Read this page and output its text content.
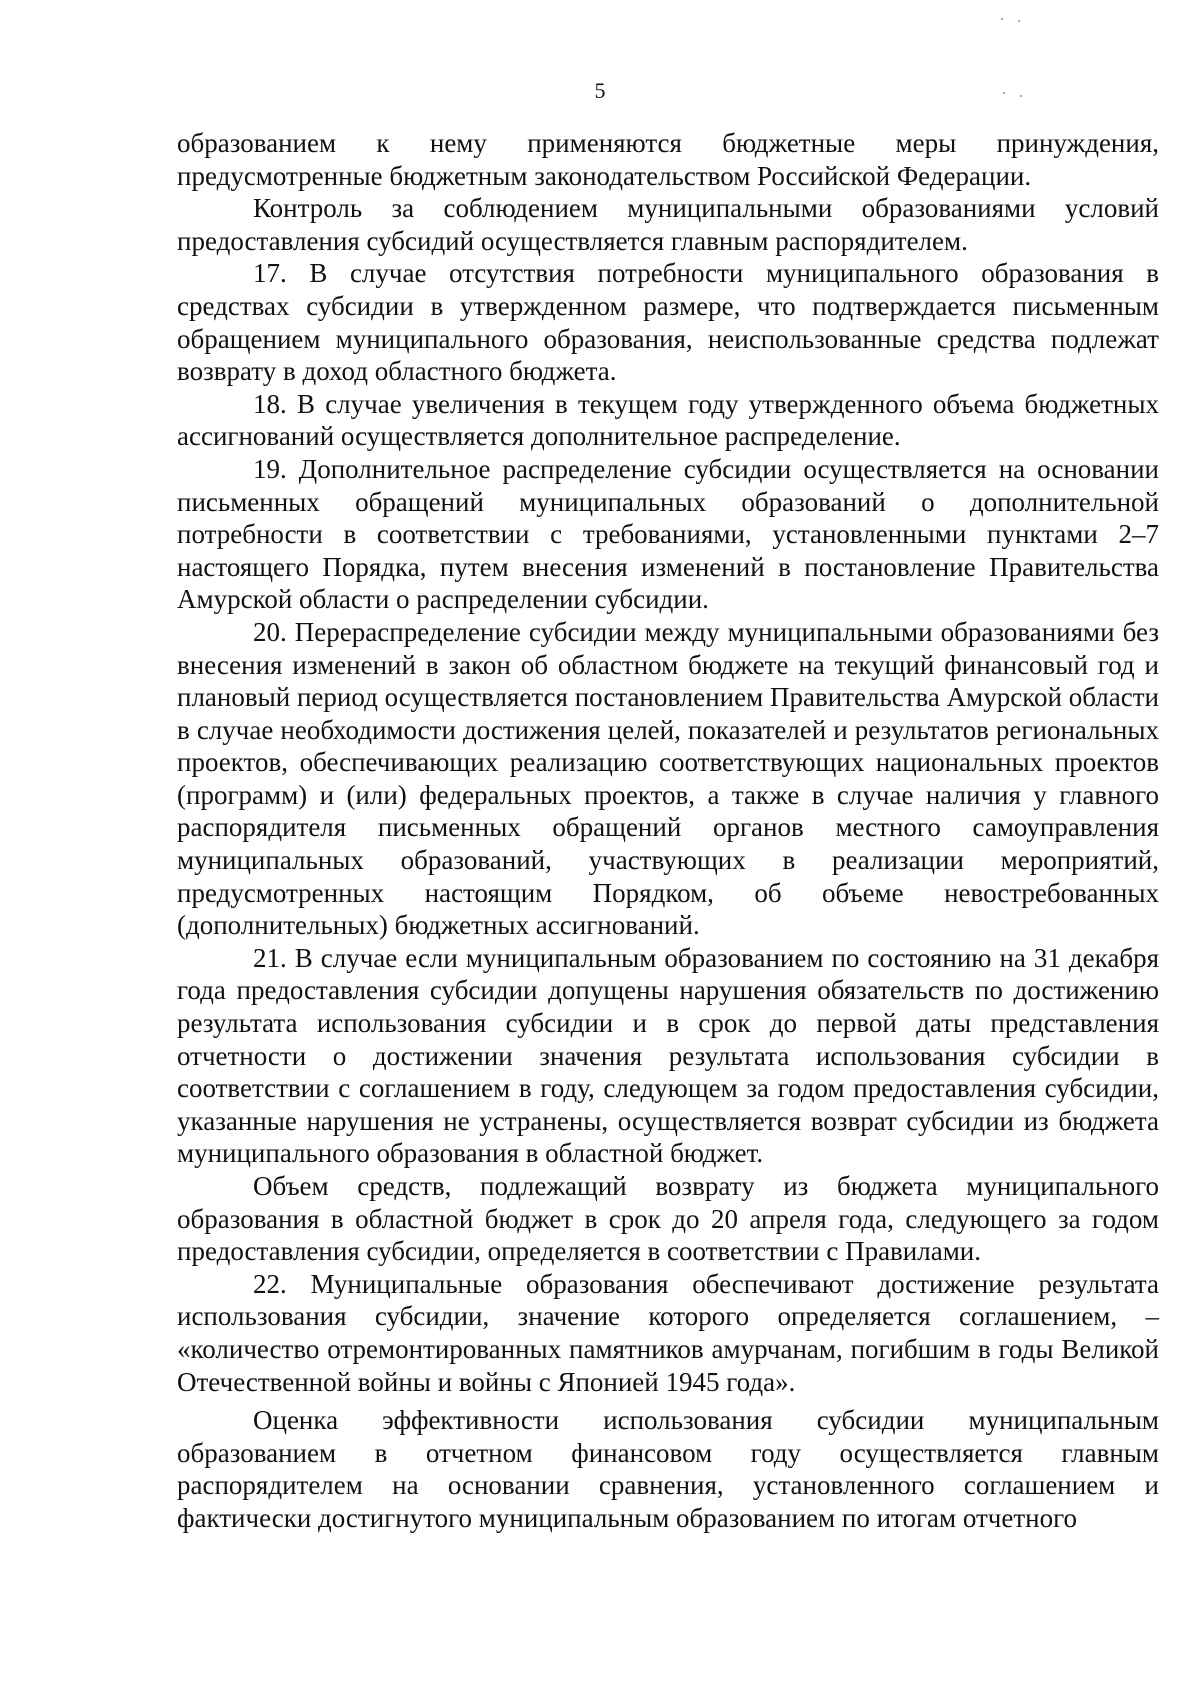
5

образованием к нему применяются бюджетные меры принуждения, предусмотренные бюджетным законодательством Российской Федерации.

Контроль за соблюдением муниципальными образованиями условий предоставления субсидий осуществляется главным распорядителем.

17. В случае отсутствия потребности муниципального образования в средствах субсидии в утвержденном размере, что подтверждается письменным обращением муниципального образования, неиспользованные средства подлежат возврату в доход областного бюджета.

18. В случае увеличения в текущем году утвержденного объема бюджетных ассигнований осуществляется дополнительное распределение.

19. Дополнительное распределение субсидии осуществляется на основании письменных обращений муниципальных образований о дополнительной потребности в соответствии с требованиями, установленными пунктами 2–7 настоящего Порядка, путем внесения изменений в постановление Правительства Амурской области о распределении субсидии.

20. Перераспределение субсидии между муниципальными образованиями без внесения изменений в закон об областном бюджете на текущий финансовый год и плановый период осуществляется постановлением Правительства Амурской области в случае необходимости достижения целей, показателей и результатов региональных проектов, обеспечивающих реализацию соответствующих национальных проектов (программ) и (или) федеральных проектов, а также в случае наличия у главного распорядителя письменных обращений органов местного самоуправления муниципальных образований, участвующих в реализации мероприятий, предусмотренных настоящим Порядком, об объеме невостребованных (дополнительных) бюджетных ассигнований.

21. В случае если муниципальным образованием по состоянию на 31 декабря года предоставления субсидии допущены нарушения обязательств по достижению результата использования субсидии и в срок до первой даты представления отчетности о достижении значения результата использования субсидии в соответствии с соглашением в году, следующем за годом предоставления субсидии, указанные нарушения не устранены, осуществляется возврат субсидии из бюджета муниципального образования в областной бюджет.

Объем средств, подлежащий возврату из бюджета муниципального образования в областной бюджет в срок до 20 апреля года, следующего за годом предоставления субсидии, определяется в соответствии с Правилами.

22. Муниципальные образования обеспечивают достижение результата использования субсидии, значение которого определяется соглашением, – «количество отремонтированных памятников амурчанам, погибшим в годы Великой Отечественной войны и войны с Японией 1945 года».

Оценка эффективности использования субсидии муниципальным образованием в отчетном финансовом году осуществляется главным распорядителем на основании сравнения, установленного соглашением и фактически достигнутого муниципальным образованием по итогам отчетного
